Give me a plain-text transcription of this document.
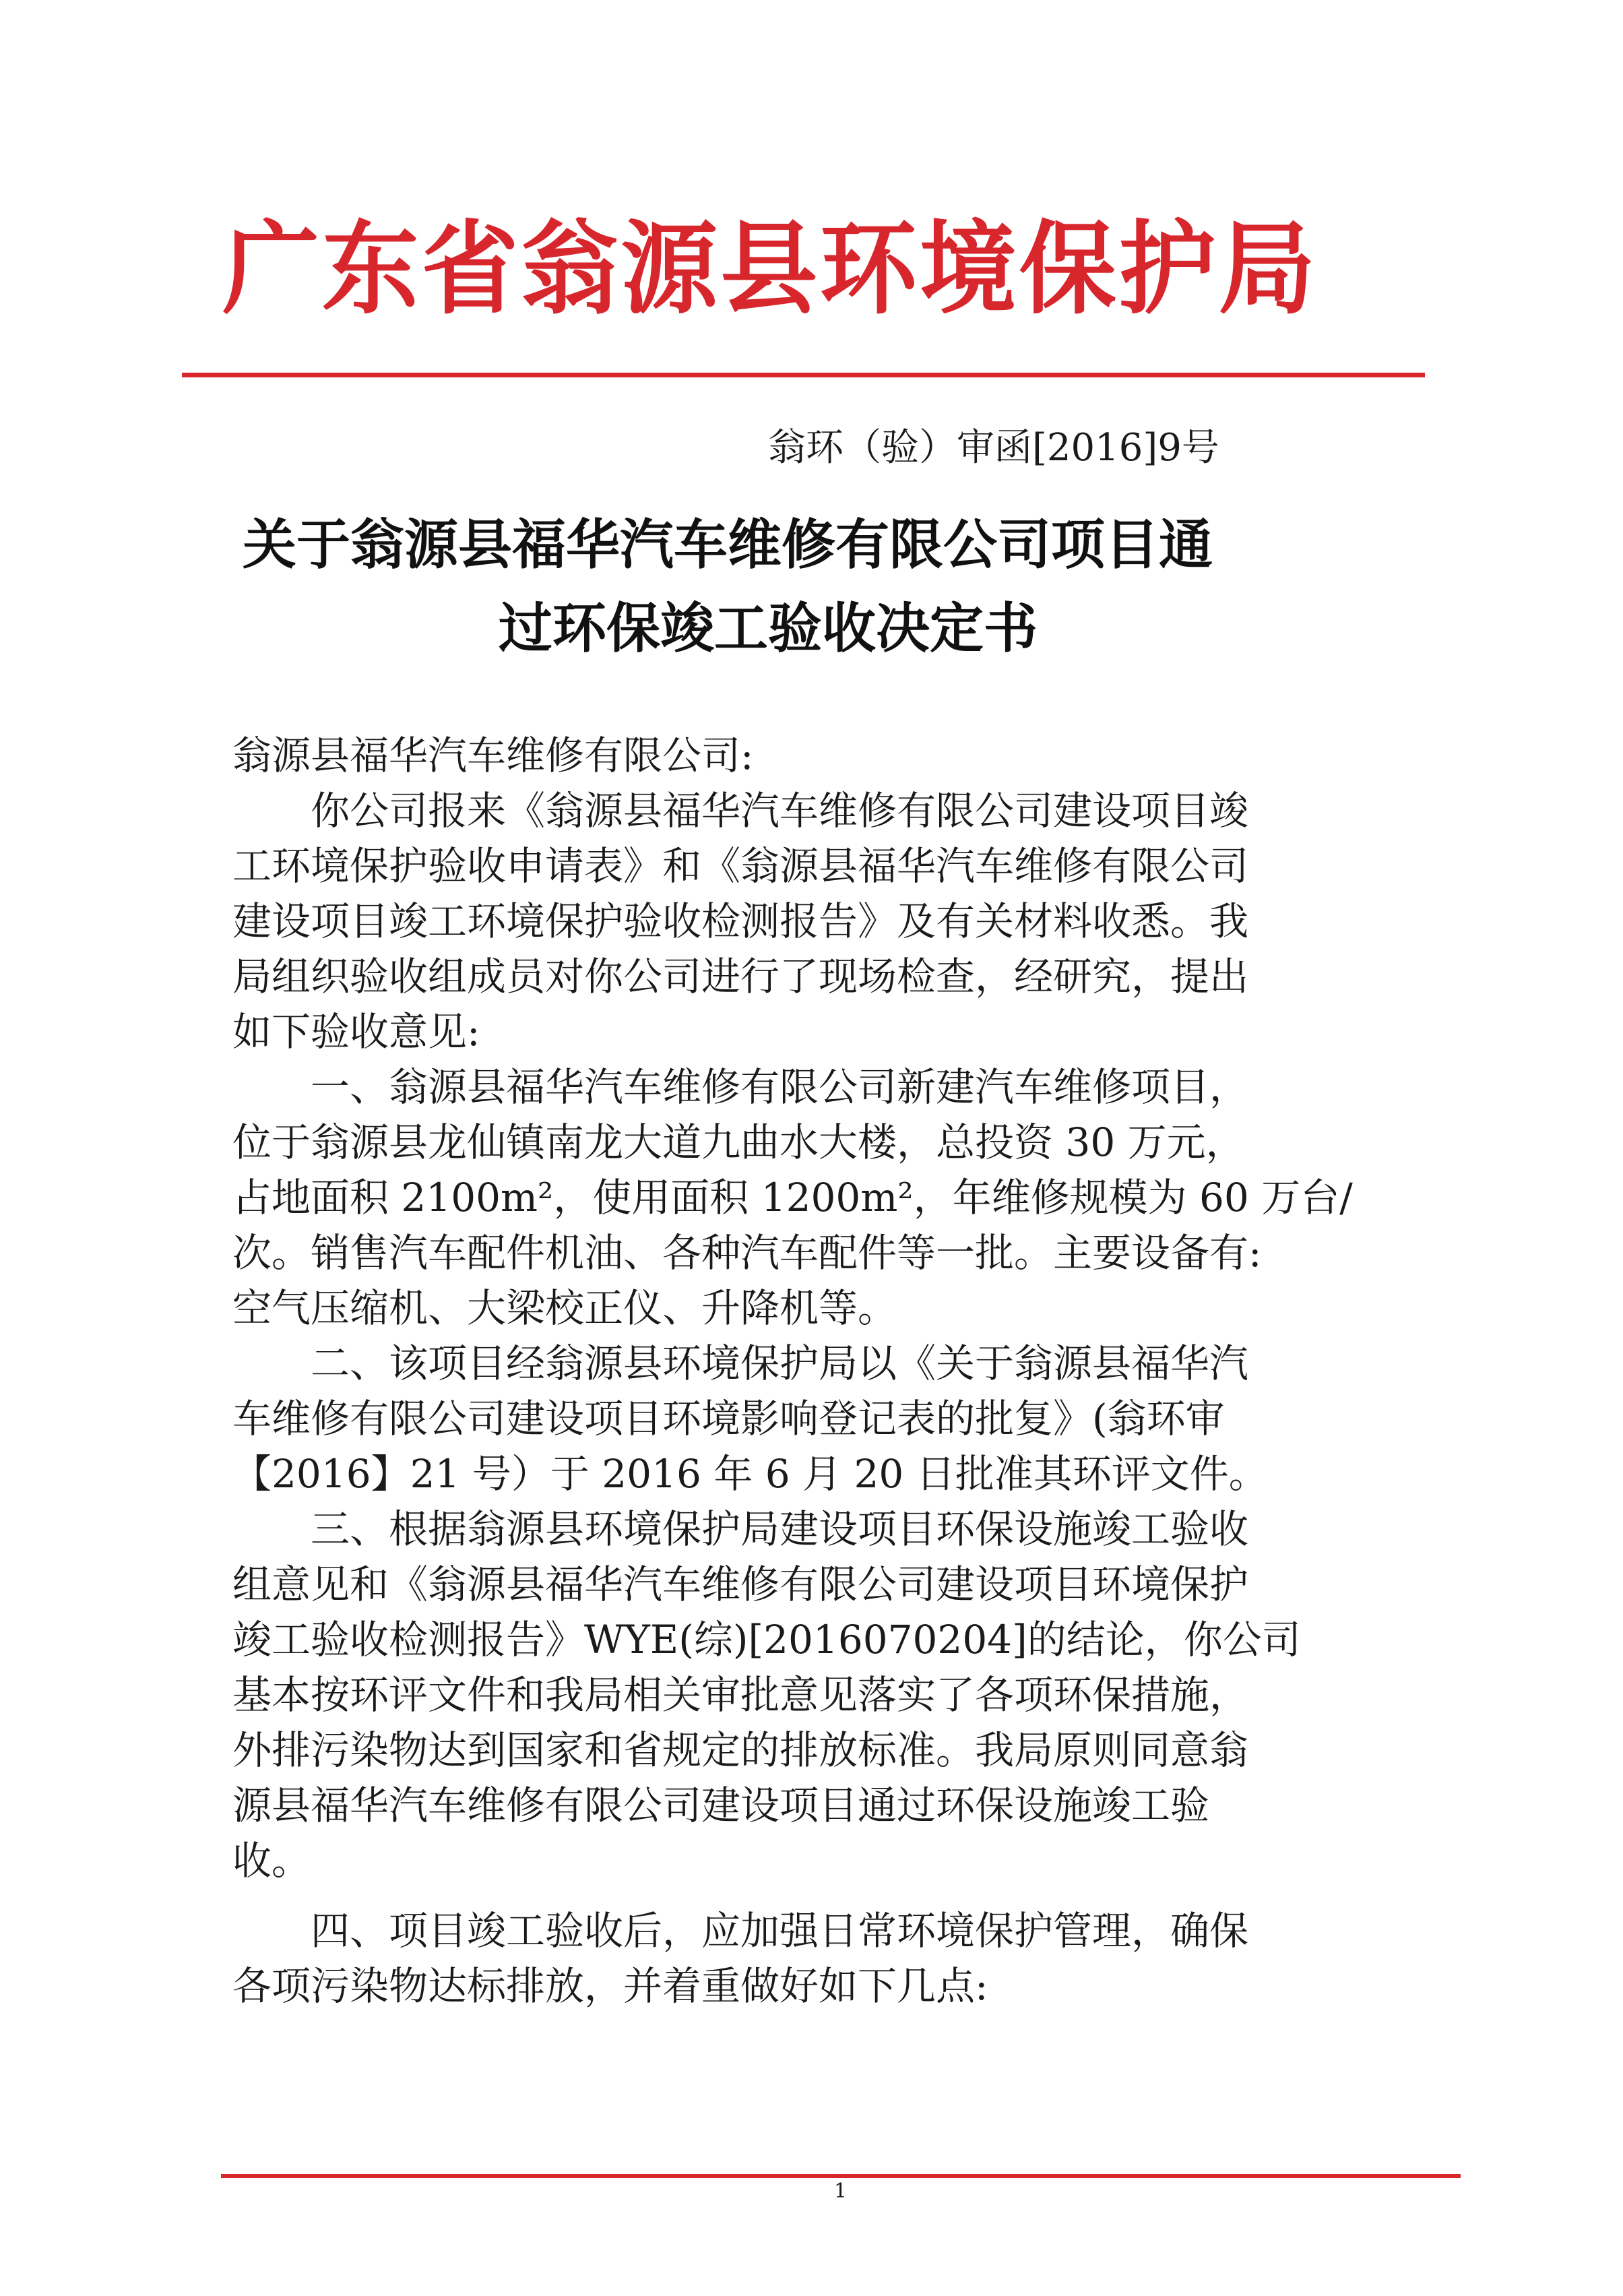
广东省翁源县环境保护局
翁环（验）审函[2016]9号
关于翁源县福华汽车维修有限公司项目通
过环保竣工验收决定书
翁源县福华汽车维修有限公司:
　　你公司报来《翁源县福华汽车维修有限公司建设项目竣
工环境保护验收申请表》和《翁源县福华汽车维修有限公司
建设项目竣工环境保护验收检测报告》及有关材料收悉。我
局组织验收组成员对你公司进行了现场检查，经研究，提出
如下验收意见:
　　一、翁源县福华汽车维修有限公司新建汽车维修项目，
位于翁源县龙仙镇南龙大道九曲水大楼，总投资 30 万元，
占地面积 2100m²，使用面积 1200m²，年维修规模为 60 万台/
次。销售汽车配件机油、各种汽车配件等一批。主要设备有:
空气压缩机、大梁校正仪、升降机等。
　　二、该项目经翁源县环境保护局以《关于翁源县福华汽
车维修有限公司建设项目环境影响登记表的批复》(翁环审
【2016】21 号）于 2016 年 6 月 20 日批准其环评文件。
　　三、根据翁源县环境保护局建设项目环保设施竣工验收
组意见和《翁源县福华汽车维修有限公司建设项目环境保护
竣工验收检测报告》WYE(综)[2016070204]的结论，你公司
基本按环评文件和我局相关审批意见落实了各项环保措施，
外排污染物达到国家和省规定的排放标准。我局原则同意翁
源县福华汽车维修有限公司建设项目通过环保设施竣工验
收。
　　四、项目竣工验收后，应加强日常环境保护管理，确保
各项污染物达标排放，并着重做好如下几点:
1
